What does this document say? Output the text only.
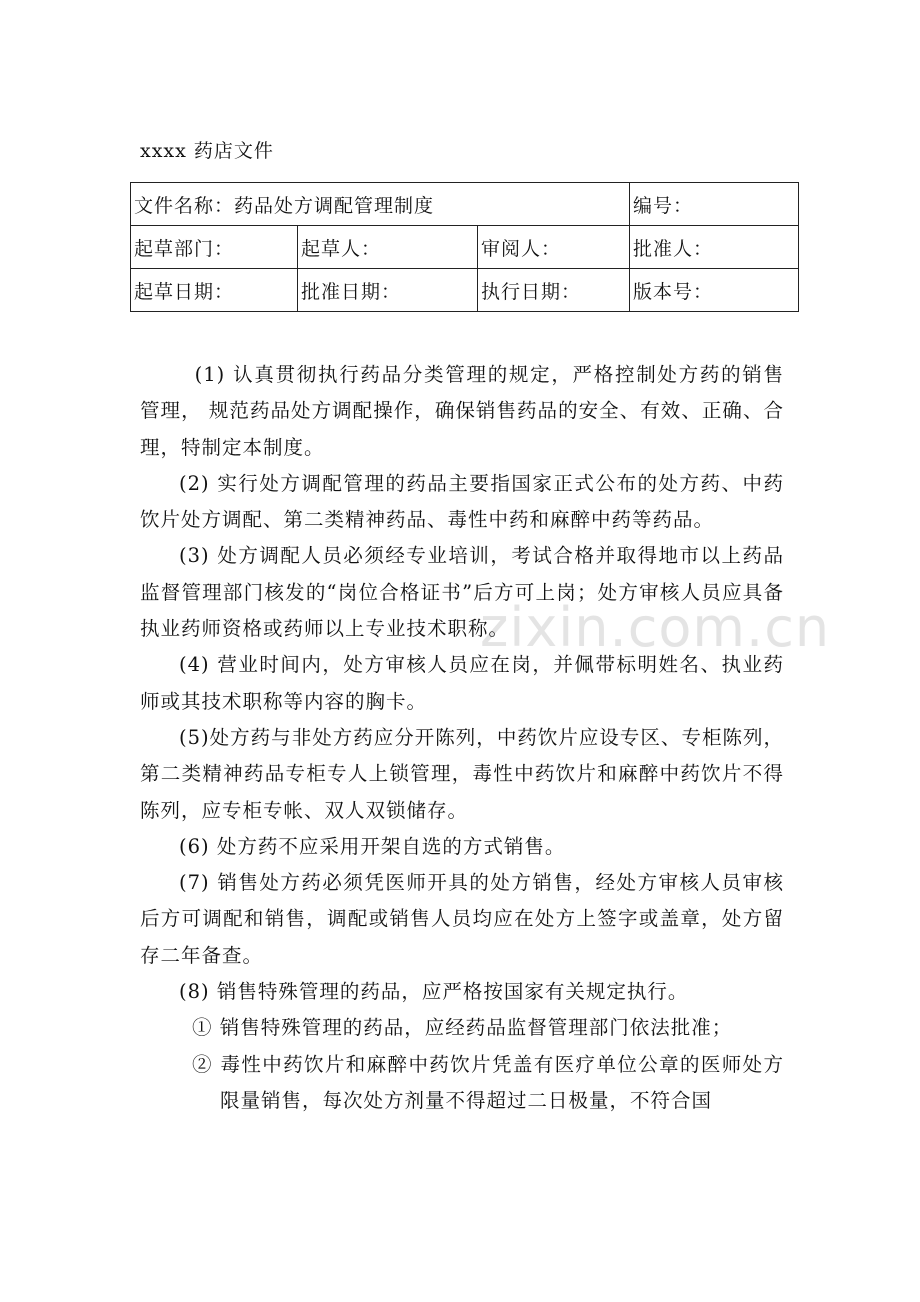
xxxx 药店文件
文件名称：药品处方调配管理制度			编号：
起草部门：	起草人：	审阅人：	批准人：
起草日期：	批准日期：	执行日期：	版本号：
zixin.com.cn

(1) 认真贯彻执行药品分类管理的规定，严格控制处方药的销售管理， 规范药品处方调配操作，确保销售药品的安全、有效、正确、合理，特制定本制度。

(2) 实行处方调配管理的药品主要指国家正式公布的处方药、中药饮片处方调配、第二类精神药品、毒性中药和麻醉中药等药品。

(3) 处方调配人员必须经专业培训，考试合格并取得地市以上药品监督管理部门核发的“岗位合格证书”后方可上岗；处方审核人员应具备执业药师资格或药师以上专业技术职称。

(4) 营业时间内，处方审核人员应在岗，并佩带标明姓名、执业药师或其技术职称等内容的胸卡。

(5)处方药与非处方药应分开陈列，中药饮片应设专区、专柜陈列，第二类精神药品专柜专人上锁管理，毒性中药饮片和麻醉中药饮片不得陈列，应专柜专帐、双人双锁储存。

(6) 处方药不应采用开架自选的方式销售。

(7) 销售处方药必须凭医师开具的处方销售，经处方审核人员审核后方可调配和销售，调配或销售人员均应在处方上签字或盖章，处方留存二年备查。

(8) 销售特殊管理的药品，应严格按国家有关规定执行。

① 销售特殊管理的药品，应经药品监督管理部门依法批准；

② 毒性中药饮片和麻醉中药饮片凭盖有医疗单位公章的医师处方限量销售，每次处方剂量不得超过二日极量，不符合国
